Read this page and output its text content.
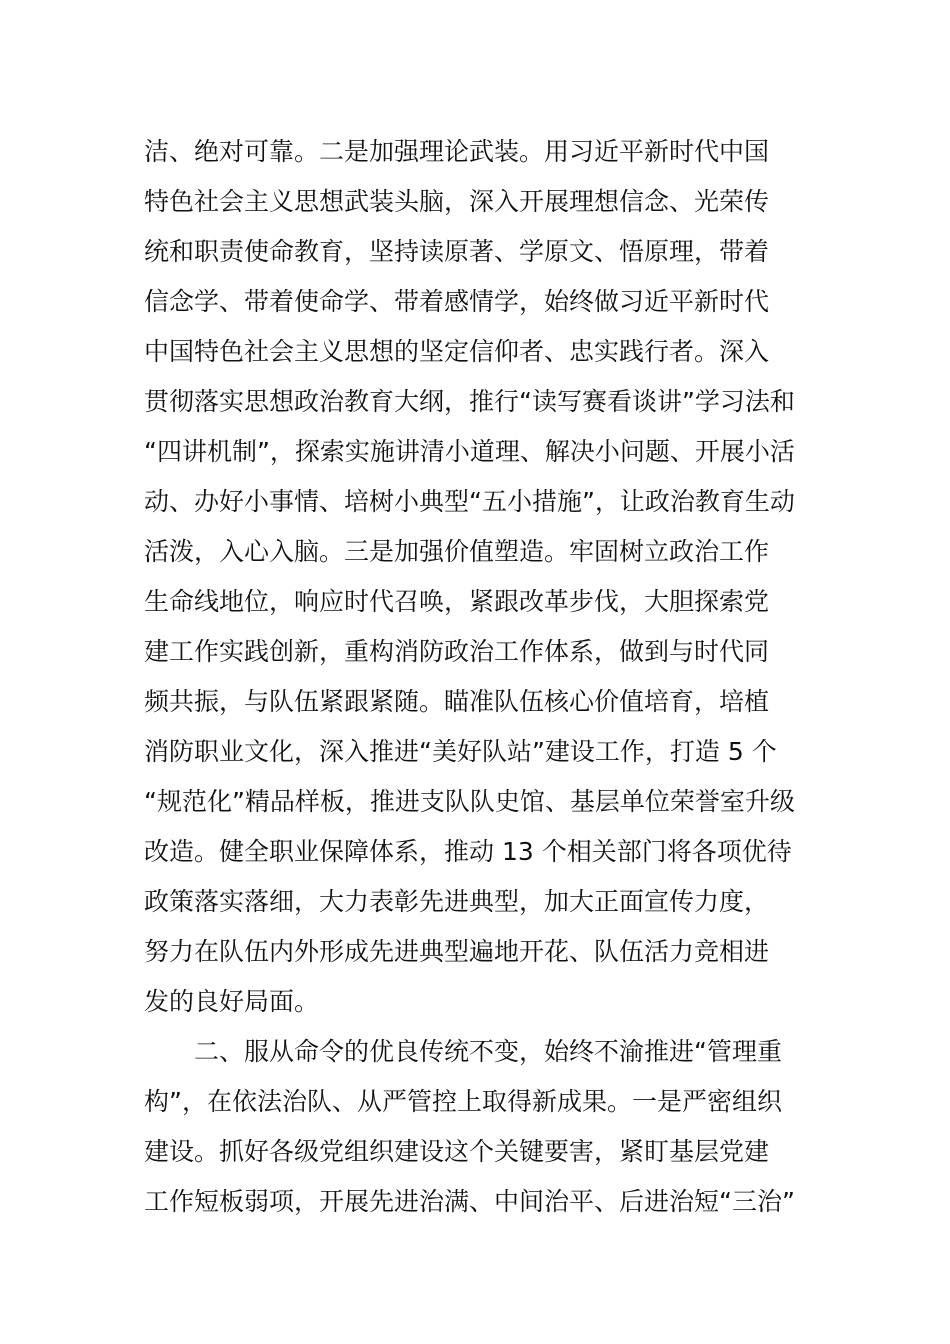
洁、绝对可靠。二是加强理论武装。用习近平新时代中国
特色社会主义思想武装头脑，深入开展理想信念、光荣传
统和职责使命教育，坚持读原著、学原文、悟原理，带着
信念学、带着使命学、带着感情学，始终做习近平新时代
中国特色社会主义思想的坚定信仰者、忠实践行者。深入
贯彻落实思想政治教育大纲，推行“读写赛看谈讲”学习法和
“四讲机制”，探索实施讲清小道理、解决小问题、开展小活
动、办好小事情、培树小典型“五小措施”，让政治教育生动
活泼，入心入脑。三是加强价值塑造。牢固树立政治工作
生命线地位，响应时代召唤，紧跟改革步伐，大胆探索党
建工作实践创新，重构消防政治工作体系，做到与时代同
频共振，与队伍紧跟紧随。瞄准队伍核心价值培育，培植
消防职业文化，深入推进“美好队站”建设工作，打造 5 个
“规范化”精品样板，推进支队队史馆、基层单位荣誉室升级
改造。健全职业保障体系，推动 13 个相关部门将各项优待
政策落实落细，大力表彰先进典型，加大正面宣传力度，
努力在队伍内外形成先进典型遍地开花、队伍活力竞相进
发的良好局面。
二、服从命令的优良传统不变，始终不渝推进“管理重
构”，在依法治队、从严管控上取得新成果。一是严密组织
建设。抓好各级党组织建设这个关键要害，紧盯基层党建
工作短板弱项，开展先进治满、中间治平、后进治短“三治”
